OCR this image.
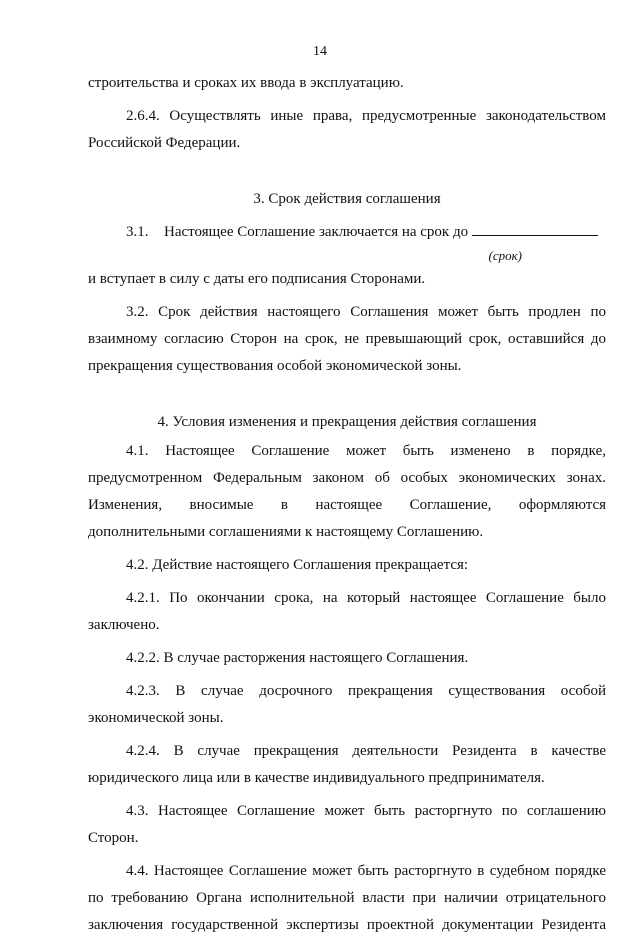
14

строительства и сроках их ввода в эксплуатацию.

2.6.4. Осуществлять иные права, предусмотренные законодательством Российской Федерации.

3. Срок действия соглашения

3.1.	Настоящее Соглашение заключается на срок до

(срок)

и вступает в силу с даты его подписания Сторонами.

3.2. Срок действия настоящего Соглашения может быть продлен по взаимному согласию Сторон на срок, не превышающий срок, оставшийся до прекращения существования особой экономической зоны.

4. Условия изменения и прекращения действия соглашения

4.1. Настоящее Соглашение может быть изменено в порядке, предусмотренном Федеральным законом об особых экономических зонах. Изменения, вносимые в настоящее Соглашение, оформляются дополнительными соглашениями к настоящему Соглашению.

4.2. Действие настоящего Соглашения прекращается:

4.2.1. По окончании срока, на который настоящее Соглашение было заключено.

4.2.2. В случае расторжения настоящего Соглашения.

4.2.3. В случае досрочного прекращения существования особой экономической зоны.

4.2.4. В случае прекращения деятельности Резидента в качестве юридического лица или в качестве индивидуального предпринимателя.

4.3. Настоящее Соглашение может быть расторгнуто по соглашению Сторон.

4.4. Настоящее Соглашение может быть расторгнуто в судебном порядке по требованию Органа исполнительной власти при наличии отрицательного заключения государственной экспертизы проектной документации Резидента
